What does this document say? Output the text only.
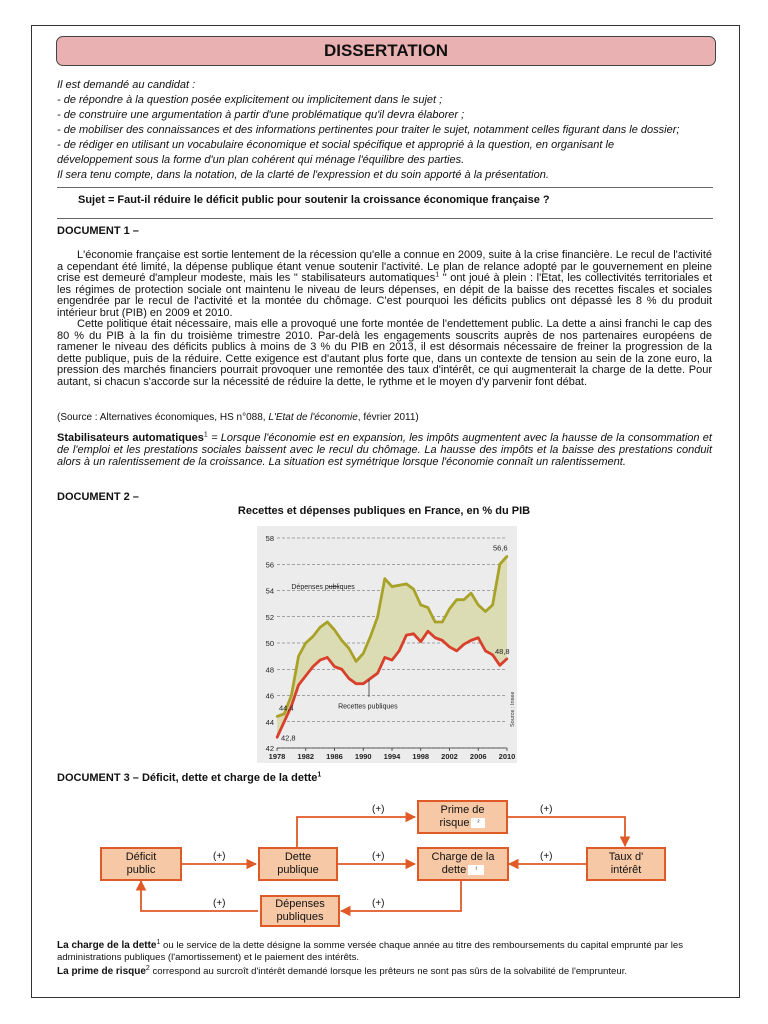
DISSERTATION
Il est demandé au candidat :
- de répondre à la question posée explicitement ou implicitement dans le sujet ;
- de construire une argumentation à partir d'une problématique qu'il devra élaborer ;
- de mobiliser des connaissances et des informations pertinentes pour traiter le sujet, notamment celles figurant dans le dossier;
- de rédiger en utilisant un vocabulaire économique et social spécifique et approprié à la question, en organisant le
développement sous la forme d'un plan cohérent qui ménage l'équilibre des parties.
Il sera tenu compte, dans la notation, de la clarté de l'expression et du soin apporté à la présentation.
Sujet = Faut-il réduire le déficit public pour soutenir la croissance économique française ?
DOCUMENT 1 –

L'économie française est sortie lentement de la récession qu'elle a connue en 2009, suite à la crise financière. Le recul de l'activité a cependant été limité, la dépense publique étant venue soutenir l'activité. Le plan de relance adopté par le gouvernement en pleine crise est demeuré d'ampleur modeste, mais les " stabilisateurs automatiques$^1$ " ont joué à plein : l'Etat, les collectivités territoriales et les régimes de protection sociale ont maintenu le niveau de leurs dépenses, en dépit de la baisse des recettes fiscales et sociales engendrée par le recul de l'activité et la montée du chômage. C'est pourquoi les déficits publics ont dépassé les 8 % du produit intérieur brut (PIB) en 2009 et 2010.

Cette politique était nécessaire, mais elle a provoqué une forte montée de l'endettement public. La dette a ainsi franchi le cap des 80 % du PIB à la fin du troisième trimestre 2010. Par-delà les engagements souscrits auprès de nos partenaires européens de ramener le niveau des déficits publics à moins de 3 % du PIB en 2013, il est désormais nécessaire de freiner la progression de la dette publique, puis de la réduire. Cette exigence est d'autant plus forte que, dans un contexte de tension au sein de la zone euro, la pression des marchés financiers pourrait provoquer une remontée des taux d'intérêt, ce qui augmenterait la charge de la dette. Pour autant, si chacun s'accorde sur la nécessité de réduire la dette, le rythme et le moyen d'y parvenir font débat.

(Source : Alternatives économiques, HS n°088, L'Etat de l'économie, février 2011)
Stabilisateurs automatiques$^1$ = Lorsque l'économie est en expansion, les impôts augmentent avec la hausse de la consommation et de l'emploi et les prestations sociales baissent avec le recul du chômage. La hausse des impôts et la baisse des prestations conduit alors à un ralentissement de la croissance. La situation est symétrique lorsque l'économie connaît un ralentissement.
DOCUMENT 2 –
Recettes et dépenses publiques en France, en % du PIB
42
44
46
48
50
52
54
56
58
1978 1982 1986 1990 1994 1998 2002 2006 2010
44,4
42,8
56,6
48,8
Dépenses publiques
Recettes publiques	Source : Insee
DOCUMENT 3 – Déficit, dette et charge de la dette$^1$
Déficit public
Dette publique
Charge de la dette ¹
Prime de risque ²
Taux d' intérêt
Dépenses publiques
(+)	(+)
(+)	(+)	(+)
(+)	(+)
La charge de la dette$^1$ ou le service de la dette désigne la somme versée chaque année au titre des remboursements du capital emprunté par les administrations publiques (l'amortissement) et le paiement des intérêts.
La prime de risque$^2$ correspond au surcroît d'intérêt demandé lorsque les prêteurs ne sont pas sûrs de la solvabilité de l'emprunteur.
